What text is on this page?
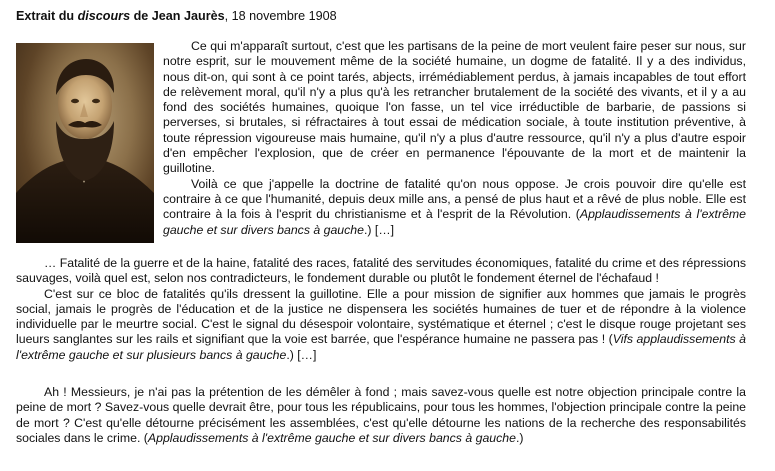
Extrait du discours de Jean Jaurès, 18 novembre 1908

Ce qui m'apparaît surtout, c'est que les partisans de la peine de mort veulent faire peser sur nous, sur notre esprit, sur le mouvement même de la société humaine, un dogme de fatalité. Il y a des individus, nous dit-on, qui sont à ce point tarés, abjects, irrémédiablement perdus, à jamais incapables de tout effort de relèvement moral, qu'il n'y a plus qu'à les retrancher brutalement de la société des vivants, et il y a au fond des sociétés humaines, quoique l'on fasse, un tel vice irréductible de barbarie, de passions si perverses, si brutales, si réfractaires à tout essai de médication sociale, à toute institution préventive, à toute répression vigoureuse mais humaine, qu'il n'y a plus d'autre ressource, qu'il n'y a plus d'autre espoir d'en empêcher l'explosion, que de créer en permanence l'épouvante de la mort et de maintenir la guillotine.

Voilà ce que j'appelle la doctrine de fatalité qu'on nous oppose. Je crois pouvoir dire qu'elle est contraire à ce que l'humanité, depuis deux mille ans, a pensé de plus haut et a rêvé de plus noble. Elle est contraire à la fois à l'esprit du christianisme et à l'esprit de la Révolution. (Applaudissements à l'extrême gauche et sur divers bancs à gauche.) […]

… Fatalité de la guerre et de la haine, fatalité des races, fatalité des servitudes économiques, fatalité du crime et des répressions sauvages, voilà quel est, selon nos contradicteurs, le fondement durable ou plutôt le fondement éternel de l'échafaud !

C'est sur ce bloc de fatalités qu'ils dressent la guillotine. Elle a pour mission de signifier aux hommes que jamais le progrès social, jamais le progrès de l'éducation et de la justice ne dispensera les sociétés humaines de tuer et de répondre à la violence individuelle par le meurtre social. C'est le signal du désespoir volontaire, systématique et éternel ; c'est le disque rouge projetant ses lueurs sanglantes sur les rails et signifiant que la voie est barrée, que l'espérance humaine ne passera pas ! (Vifs applaudissements à l'extrême gauche et sur plusieurs bancs à gauche.) […]

Ah ! Messieurs, je n'ai pas la prétention de les démêler à fond ; mais savez-vous quelle est notre objection principale contre la peine de mort ? Savez-vous quelle devrait être, pour tous les républicains, pour tous les hommes, l'objection principale contre la peine de mort ? C'est qu'elle détourne précisément les assemblées, c'est qu'elle détourne les nations de la recherche des responsabilités sociales dans le crime. (Applaudissements à l'extrême gauche et sur divers bancs à gauche.)
